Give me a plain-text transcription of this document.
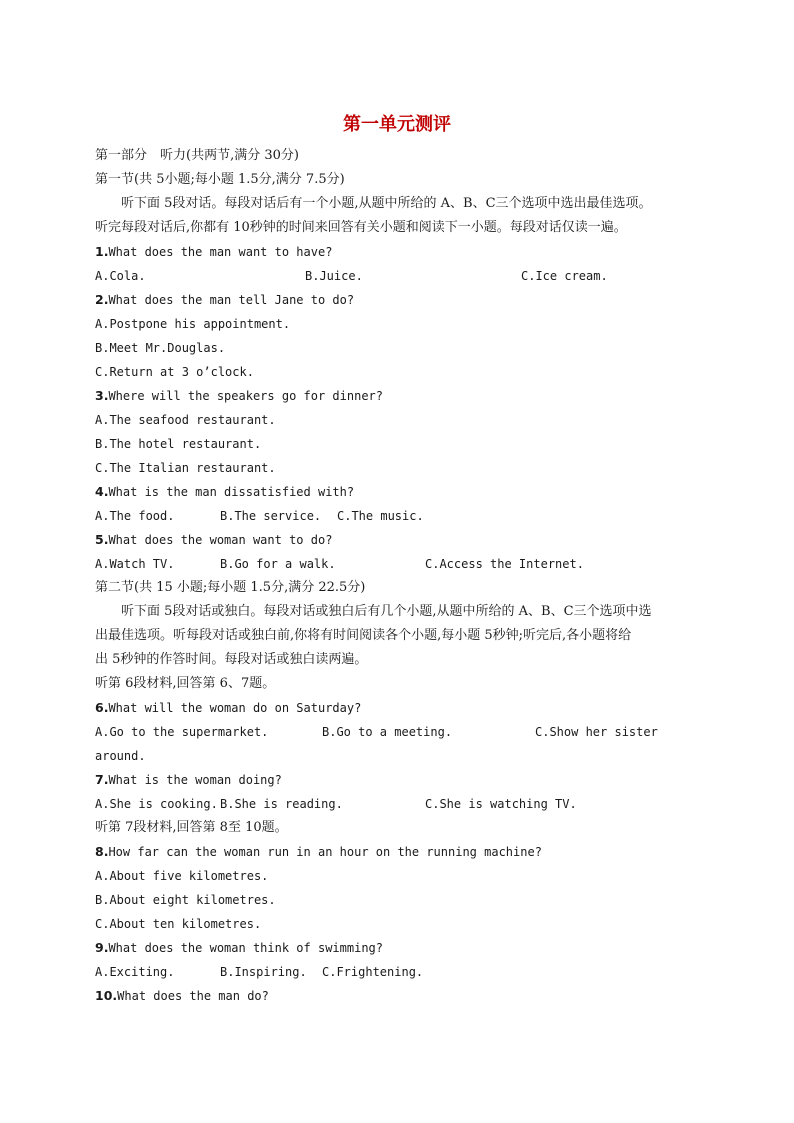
第一单元测评
第一部分　听力(共两节,满分 30分)
第一节(共 5小题;每小题 1.5分,满分 7.5分)
听下面 5段对话。每段对话后有一个小题,从题中所给的 A、B、C三个选项中选出最佳选项。
听完每段对话后,你都有 10秒钟的时间来回答有关小题和阅读下一小题。每段对话仅读一遍。
1.What does the man want to have?
A.Cola.	B.Juice.	C.Ice cream.
2.What does the man tell Jane to do?
A.Postpone his appointment.
B.Meet Mr.Douglas.
C.Return at 3 o’clock.
3.Where will the speakers go for dinner?
A.The seafood restaurant.
B.The hotel restaurant.
C.The Italian restaurant.
4.What is the man dissatisfied with?
A.The food.	B.The service. C.The music.
5.What does the woman want to do?
A.Watch TV.	B.Go for a walk.	C.Access the Internet.
第二节(共 15 小题;每小题 1.5分,满分 22.5分)
听下面 5段对话或独白。每段对话或独白后有几个小题,从题中所给的 A、B、C三个选项中选
出最佳选项。听每段对话或独白前,你将有时间阅读各个小题,每小题 5秒钟;听完后,各小题将给
出 5秒钟的作答时间。每段对话或独白读两遍。
听第 6段材料,回答第 6、7题。
6.What will the woman do on Saturday?
A.Go to the supermarket.	B.Go to a meeting.	C.Show her sister
around.
7.What is the woman doing?
A.She is cooking. B.She is reading.	C.She is watching TV.
听第 7段材料,回答第 8至 10题。
8.How far can the woman run in an hour on the running machine?
A.About five kilometres.
B.About eight kilometres.
C.About ten kilometres.
9.What does the woman think of swimming?
A.Exciting.	B.Inspiring. C.Frightening.
10.What does the man do?
